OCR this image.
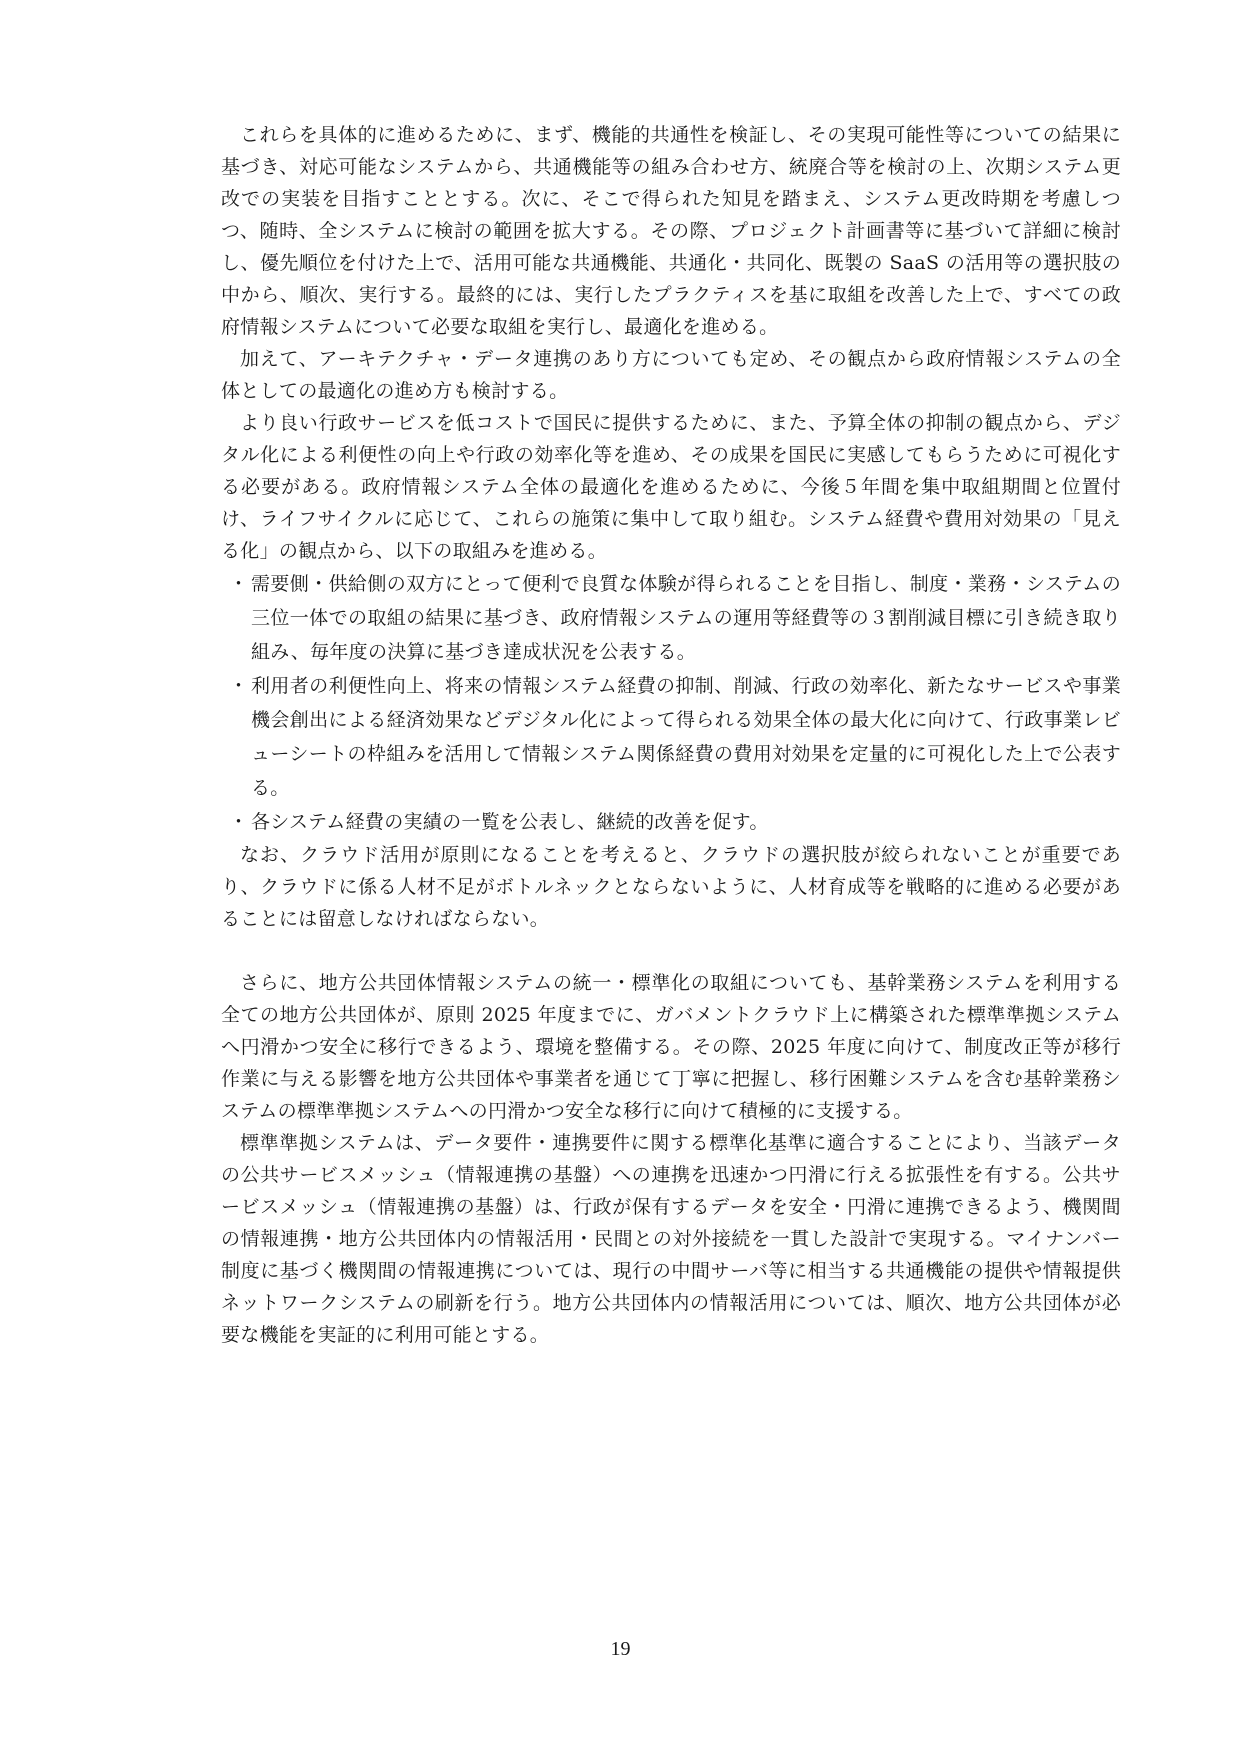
これらを具体的に進めるために、まず、機能的共通性を検証し、その実現可能性等についての結果に基づき、対応可能なシステムから、共通機能等の組み合わせ方、統廃合等を検討の上、次期システム更改での実装を目指すこととする。次に、そこで得られた知見を踏まえ、システム更改時期を考慮しつつ、随時、全システムに検討の範囲を拡大する。その際、プロジェクト計画書等に基づいて詳細に検討し、優先順位を付けた上で、活用可能な共通機能、共通化・共同化、既製の SaaS の活用等の選択肢の中から、順次、実行する。最終的には、実行したプラクティスを基に取組を改善した上で、すべての政府情報システムについて必要な取組を実行し、最適化を進める。

加えて、アーキテクチャ・データ連携のあり方についても定め、その観点から政府情報システムの全体としての最適化の進め方も検討する。

より良い行政サービスを低コストで国民に提供するために、また、予算全体の抑制の観点から、デジタル化による利便性の向上や行政の効率化等を進め、その成果を国民に実感してもらうために可視化する必要がある。政府情報システム全体の最適化を進めるために、今後５年間を集中取組期間と位置付け、ライフサイクルに応じて、これらの施策に集中して取り組む。システム経費や費用対効果の「見える化」の観点から、以下の取組みを進める。

・ 需要側・供給側の双方にとって便利で良質な体験が得られることを目指し、制度・業務・システムの三位一体での取組の結果に基づき、政府情報システムの運用等経費等の３割削減目標に引き続き取り組み、毎年度の決算に基づき達成状況を公表する。
・ 利用者の利便性向上、将来の情報システム経費の抑制、削減、行政の効率化、新たなサービスや事業機会創出による経済効果などデジタル化によって得られる効果全体の最大化に向けて、行政事業レビューシートの枠組みを活用して情報システム関係経費の費用対効果を定量的に可視化した上で公表する。
・ 各システム経費の実績の一覧を公表し、継続的改善を促す。

なお、クラウド活用が原則になることを考えると、クラウドの選択肢が絞られないことが重要であり、クラウドに係る人材不足がボトルネックとならないように、人材育成等を戦略的に進める必要があることには留意しなければならない。

さらに、地方公共団体情報システムの統一・標準化の取組についても、基幹業務システムを利用する全ての地方公共団体が、原則 2025 年度までに、ガバメントクラウド上に構築された標準準拠システムへ円滑かつ安全に移行できるよう、環境を整備する。その際、2025 年度に向けて、制度改正等が移行作業に与える影響を地方公共団体や事業者を通じて丁寧に把握し、移行困難システムを含む基幹業務システムの標準準拠システムへの円滑かつ安全な移行に向けて積極的に支援する。

標準準拠システムは、データ要件・連携要件に関する標準化基準に適合することにより、当該データの公共サービスメッシュ（情報連携の基盤）への連携を迅速かつ円滑に行える拡張性を有する。公共サービスメッシュ（情報連携の基盤）は、行政が保有するデータを安全・円滑に連携できるよう、機関間の情報連携・地方公共団体内の情報活用・民間との対外接続を一貫した設計で実現する。マイナンバー制度に基づく機関間の情報連携については、現行の中間サーバ等に相当する共通機能の提供や情報提供ネットワークシステムの刷新を行う。地方公共団体内の情報活用については、順次、地方公共団体が必要な機能を実証的に利用可能とする。

19
